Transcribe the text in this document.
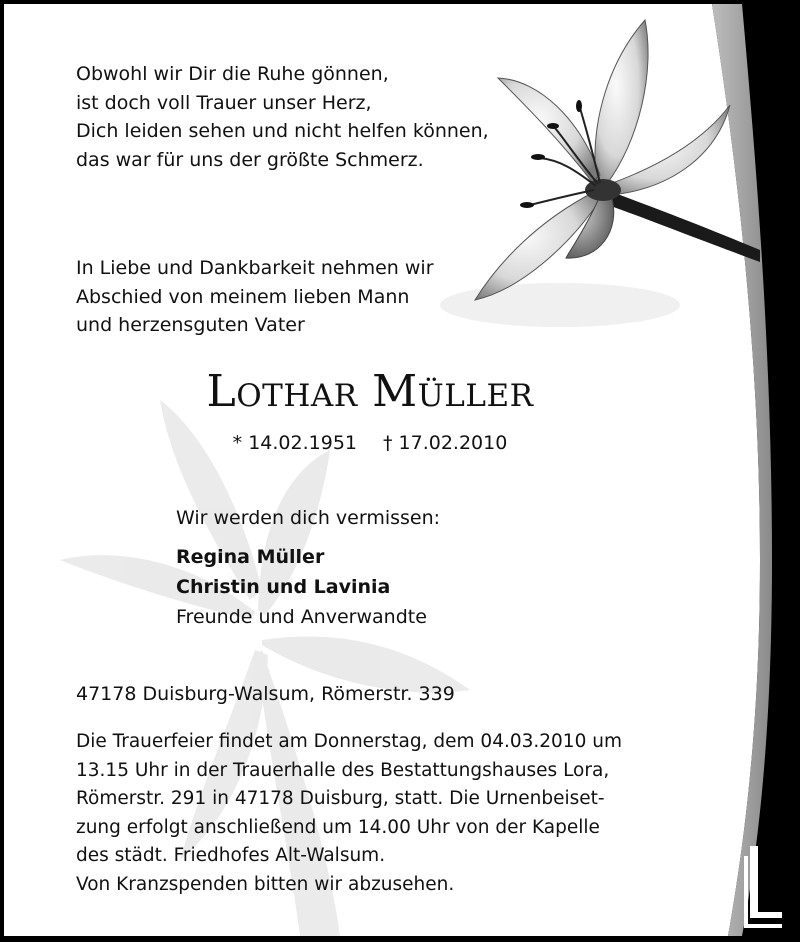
Obwohl wir Dir die Ruhe gönnen,
ist doch voll Trauer unser Herz,
Dich leiden sehen und nicht helfen können,
das war für uns der größte Schmerz.
In Liebe und Dankbarkeit nehmen wir
Abschied von meinem lieben Mann
und herzensguten Vater
Lothar Müller
* 14.02.1951 † 17.02.2010
Wir werden dich vermissen:
Regina Müller
Christin und Lavinia
Freunde und Anverwandte
47178 Duisburg-Walsum, Römerstr. 339
Die Trauerfeier findet am Donnerstag, dem 04.03.2010 um
13.15 Uhr in der Trauerhalle des Bestattungshauses Lora,
Römerstr. 291 in 47178 Duisburg, statt. Die Urnenbeiset-
zung erfolgt anschließend um 14.00 Uhr von der Kapelle
des städt. Friedhofes Alt-Walsum.
Von Kranzspenden bitten wir abzusehen.
